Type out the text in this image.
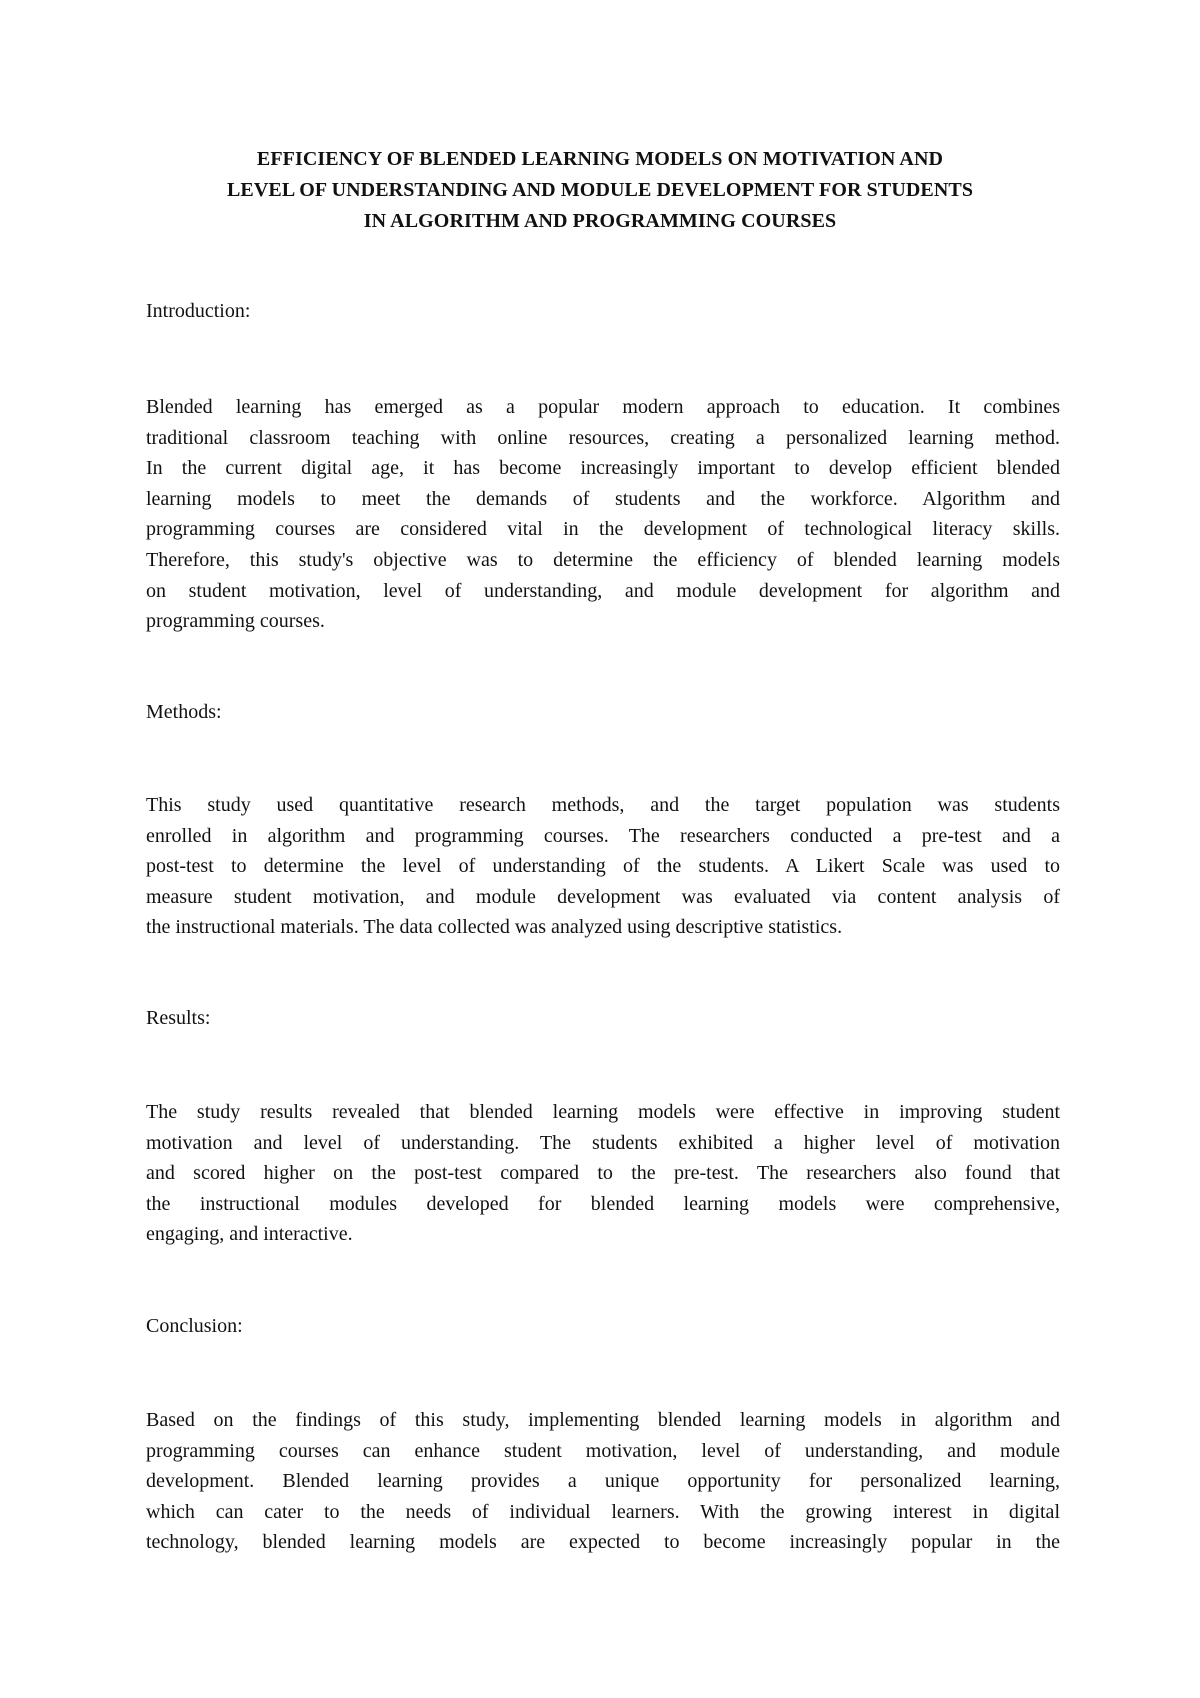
EFFICIENCY OF BLENDED LEARNING MODELS ON MOTIVATION AND
LEVEL OF UNDERSTANDING AND MODULE DEVELOPMENT FOR STUDENTS
IN ALGORITHM AND PROGRAMMING COURSES
Introduction:
Blended learning has emerged as a popular modern approach to education. It combines
traditional classroom teaching with online resources, creating a personalized learning method.
In the current digital age, it has become increasingly important to develop efficient blended
learning models to meet the demands of students and the workforce. Algorithm and
programming courses are considered vital in the development of technological literacy skills.
Therefore, this study's objective was to determine the efficiency of blended learning models
on student motivation, level of understanding, and module development for algorithm and
programming courses.
Methods:
This study used quantitative research methods, and the target population was students
enrolled in algorithm and programming courses. The researchers conducted a pre-test and a
post-test to determine the level of understanding of the students. A Likert Scale was used to
measure student motivation, and module development was evaluated via content analysis of
the instructional materials. The data collected was analyzed using descriptive statistics.
Results:
The study results revealed that blended learning models were effective in improving student
motivation and level of understanding. The students exhibited a higher level of motivation
and scored higher on the post-test compared to the pre-test. The researchers also found that
the instructional modules developed for blended learning models were comprehensive,
engaging, and interactive.
Conclusion:
Based on the findings of this study, implementing blended learning models in algorithm and
programming courses can enhance student motivation, level of understanding, and module
development. Blended learning provides a unique opportunity for personalized learning,
which can cater to the needs of individual learners. With the growing interest in digital
technology, blended learning models are expected to become increasingly popular in the
